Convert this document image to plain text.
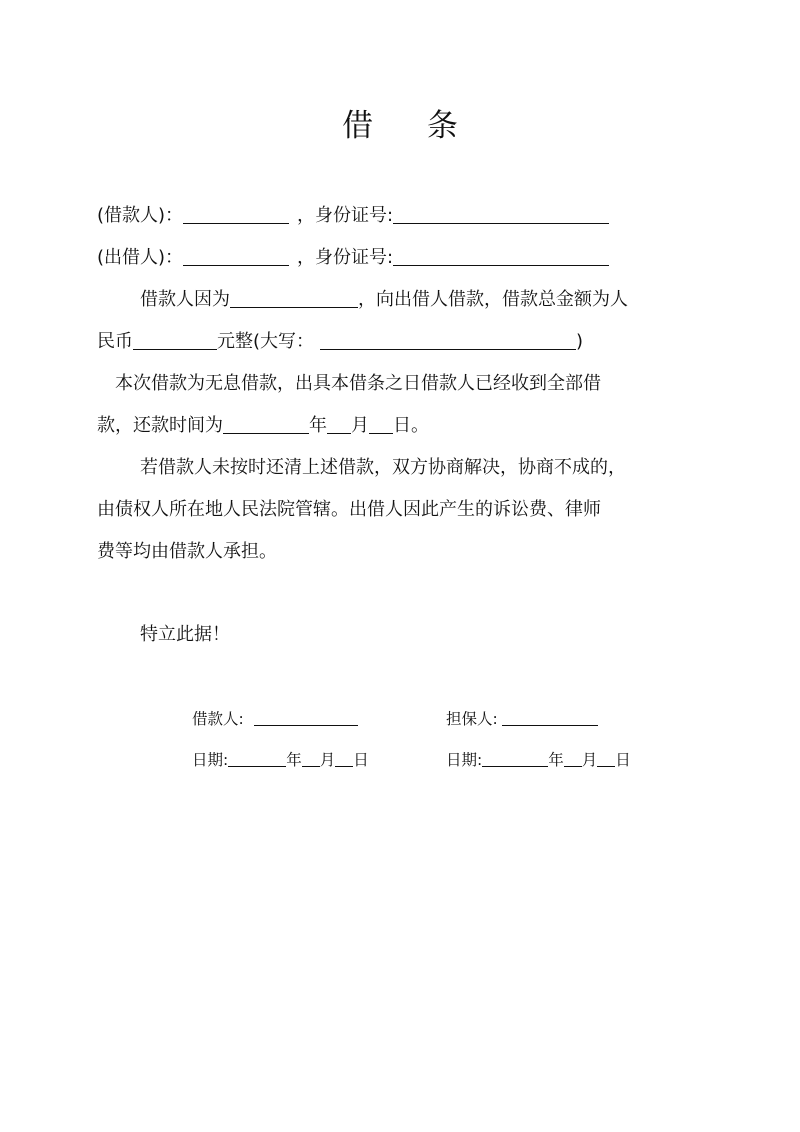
借 条
(借款人)：	，身份证号:
(出借人)：	，身份证号:
借款人因为	，向出借人借款，借款总金额为人
民币	元整(大写：	)
本次借款为无息借款，出具本借条之日借款人已经收到全部借
款，还款时间为	年 月 日。
若借款人未按时还清上述借款，双方协商解决，协商不成的，
由债权人所在地人民法院管辖。出借人因此产生的诉讼费、律师
费等均由借款人承担。
特立此据！
借款人:	担保人:
日期:	年 月 日	日期:	年 月 日
